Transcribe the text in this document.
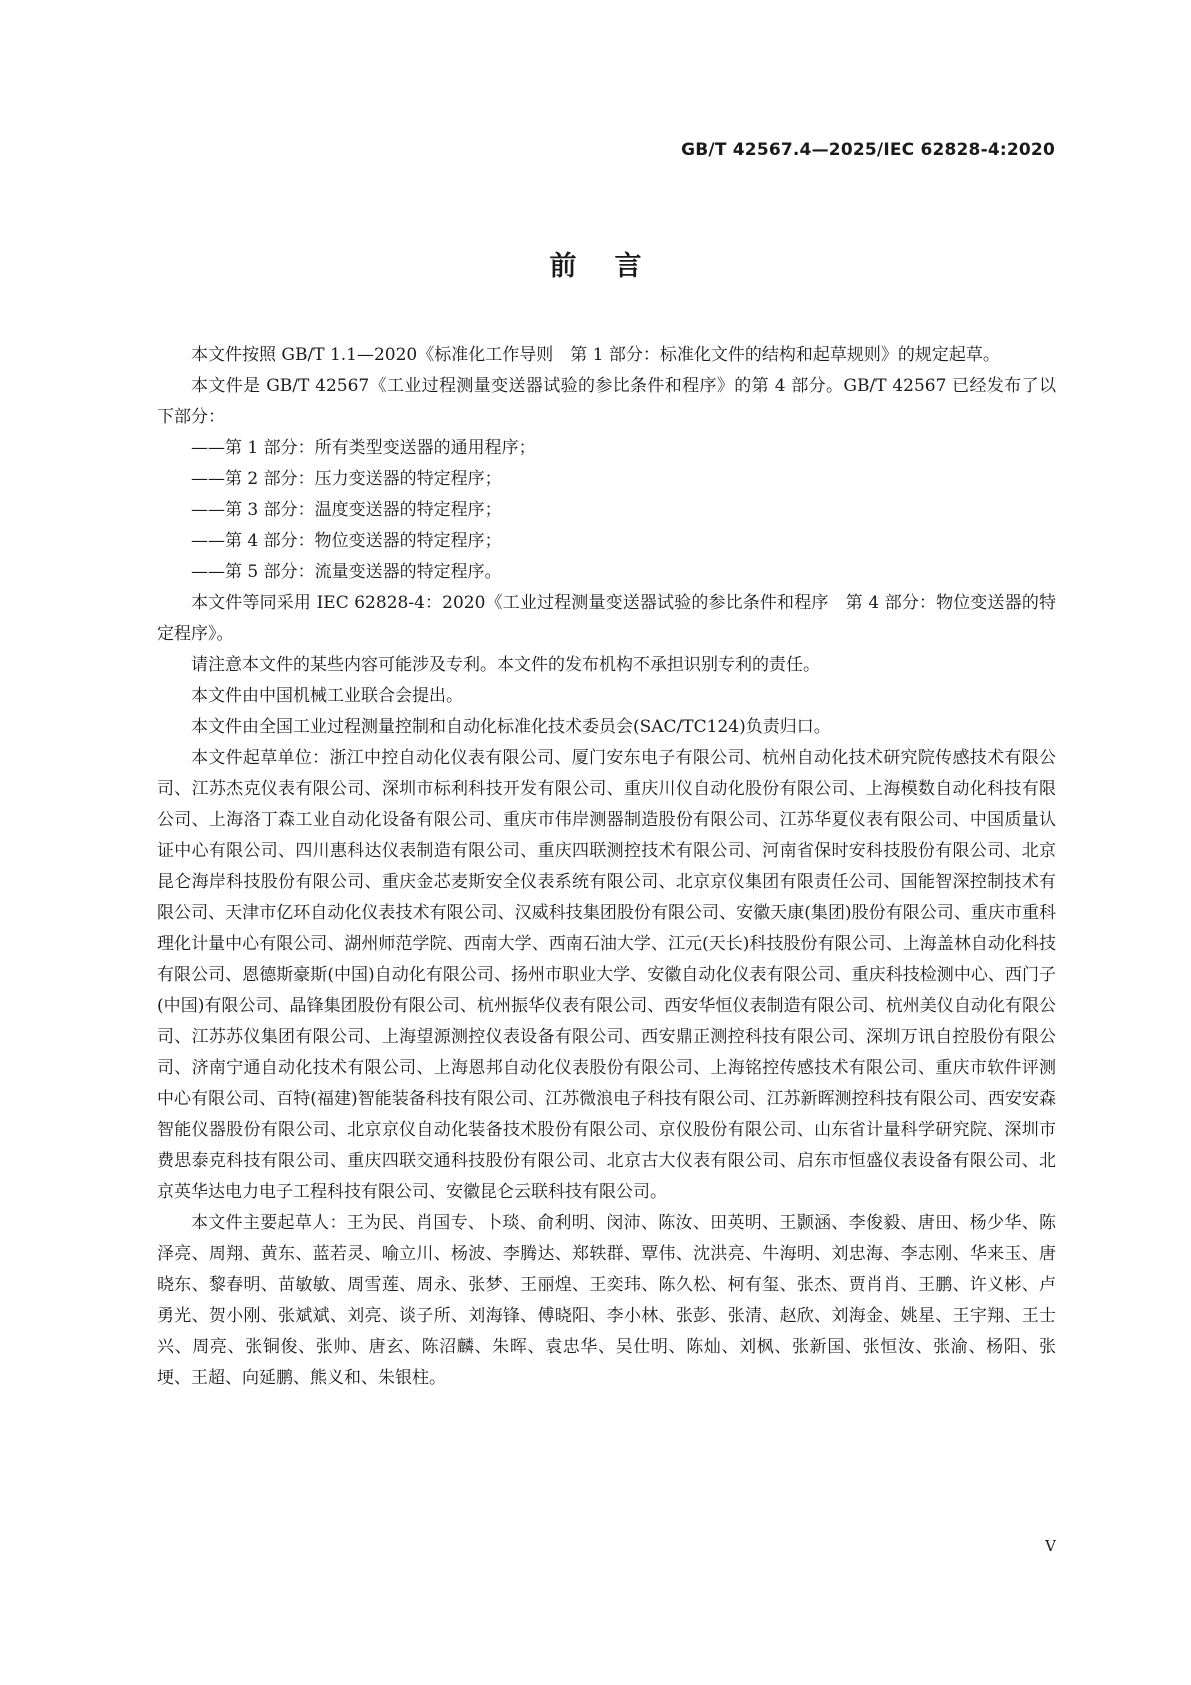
GB/T 42567.4—2025/IEC 62828-4:2020
前言

本文件按照 GB/T 1.1—2020《标准化工作导则　第 1 部分：标准化文件的结构和起草规则》的规定起草。

本文件是 GB/T 42567《工业过程测量变送器试验的参比条件和程序》的第 4 部分。GB/T 42567 已经发布了以下部分：

——第 1 部分：所有类型变送器的通用程序；

——第 2 部分：压力变送器的特定程序；

——第 3 部分：温度变送器的特定程序；

——第 4 部分：物位变送器的特定程序；

——第 5 部分：流量变送器的特定程序。

本文件等同采用 IEC 62828-4：2020《工业过程测量变送器试验的参比条件和程序　第 4 部分：物位变送器的特定程序》。

请注意本文件的某些内容可能涉及专利。本文件的发布机构不承担识别专利的责任。

本文件由中国机械工业联合会提出。

本文件由全国工业过程测量控制和自动化标准化技术委员会(SAC/TC124)负责归口。

本文件起草单位：浙江中控自动化仪表有限公司、厦门安东电子有限公司、杭州自动化技术研究院传感技术有限公司、江苏杰克仪表有限公司、深圳市标利科技开发有限公司、重庆川仪自动化股份有限公司、上海模数自动化科技有限公司、上海洛丁森工业自动化设备有限公司、重庆市伟岸测器制造股份有限公司、江苏华夏仪表有限公司、中国质量认证中心有限公司、四川惠科达仪表制造有限公司、重庆四联测控技术有限公司、河南省保时安科技股份有限公司、北京昆仑海岸科技股份有限公司、重庆金芯麦斯安全仪表系统有限公司、北京京仪集团有限责任公司、国能智深控制技术有限公司、天津市亿环自动化仪表技术有限公司、汉威科技集团股份有限公司、安徽天康(集团)股份有限公司、重庆市重科理化计量中心有限公司、湖州师范学院、西南大学、西南石油大学、江元(天长)科技股份有限公司、上海盖林自动化科技有限公司、恩德斯豪斯(中国)自动化有限公司、扬州市职业大学、安徽自动化仪表有限公司、重庆科技检测中心、西门子(中国)有限公司、晶锋集团股份有限公司、杭州振华仪表有限公司、西安华恒仪表制造有限公司、杭州美仪自动化有限公司、江苏苏仪集团有限公司、上海望源测控仪表设备有限公司、西安鼎正测控科技有限公司、深圳万讯自控股份有限公司、济南宁通自动化技术有限公司、上海恩邦自动化仪表股份有限公司、上海铭控传感技术有限公司、重庆市软件评测中心有限公司、百特(福建)智能装备科技有限公司、江苏微浪电子科技有限公司、江苏新晖测控科技有限公司、西安安森智能仪器股份有限公司、北京京仪自动化装备技术股份有限公司、京仪股份有限公司、山东省计量科学研究院、深圳市费思泰克科技有限公司、重庆四联交通科技股份有限公司、北京古大仪表有限公司、启东市恒盛仪表设备有限公司、北京英华达电力电子工程科技有限公司、安徽昆仑云联科技有限公司。

本文件主要起草人：王为民、肖国专、卜琰、俞利明、闵沛、陈汝、田英明、王颢涵、李俊毅、唐田、杨少华、陈泽亮、周翔、黄东、蓝若灵、喻立川、杨波、李腾达、郑轶群、覃伟、沈洪亮、牛海明、刘忠海、李志刚、华来玉、唐晓东、黎春明、苗敏敏、周雪莲、周永、张梦、王丽煌、王奕玮、陈久松、柯有玺、张杰、贾肖肖、王鹏、许义彬、卢勇光、贺小刚、张斌斌、刘亮、谈子所、刘海锋、傅晓阳、李小林、张彭、张清、赵欣、刘海金、姚星、王宇翔、王士兴、周亮、张铜俊、张帅、唐玄、陈沼麟、朱晖、袁忠华、吴仕明、陈灿、刘枫、张新国、张恒汝、张渝、杨阳、张埂、王超、向延鹏、熊义和、朱银柱。

V
